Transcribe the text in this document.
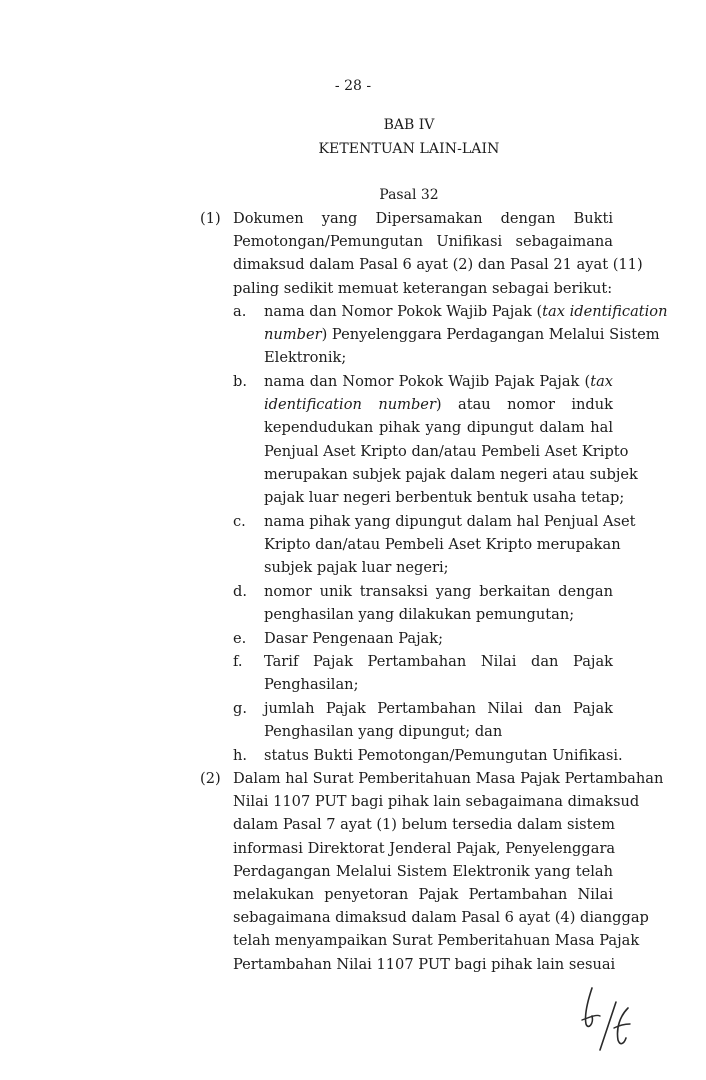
- 28 -
BAB IV
KETENTUAN LAIN-LAIN
Pasal 32
(1) Dokumen yang Dipersamakan dengan Bukti
Pemotongan/Pemungutan Unifikasi sebagaimana
dimaksud dalam Pasal 6 ayat (2) dan Pasal 21 ayat (11)
paling sedikit memuat keterangan sebagai berikut:
a. nama dan Nomor Pokok Wajib Pajak (tax identification
number) Penyelenggara Perdagangan Melalui Sistem
Elektronik;
b. nama dan Nomor Pokok Wajib Pajak Pajak (tax
identification number) atau nomor induk
kependudukan pihak yang dipungut dalam hal
Penjual Aset Kripto dan/atau Pembeli Aset Kripto
merupakan subjek pajak dalam negeri atau subjek
pajak luar negeri berbentuk bentuk usaha tetap;
c. nama pihak yang dipungut dalam hal Penjual Aset
Kripto dan/atau Pembeli Aset Kripto merupakan
subjek pajak luar negeri;
d. nomor unik transaksi yang berkaitan dengan
penghasilan yang dilakukan pemungutan;
e. Dasar Pengenaan Pajak;
f. Tarif Pajak Pertambahan Nilai dan Pajak
Penghasilan;
g. jumlah Pajak Pertambahan Nilai dan Pajak
Penghasilan yang dipungut; dan
h. status Bukti Pemotongan/Pemungutan Unifikasi.
(2) Dalam hal Surat Pemberitahuan Masa Pajak Pertambahan
Nilai 1107 PUT bagi pihak lain sebagaimana dimaksud
dalam Pasal 7 ayat (1) belum tersedia dalam sistem
informasi Direktorat Jenderal Pajak, Penyelenggara
Perdagangan Melalui Sistem Elektronik yang telah
melakukan penyetoran Pajak Pertambahan Nilai
sebagaimana dimaksud dalam Pasal 6 ayat (4) dianggap
telah menyampaikan Surat Pemberitahuan Masa Pajak
Pertambahan Nilai 1107 PUT bagi pihak lain sesuai
